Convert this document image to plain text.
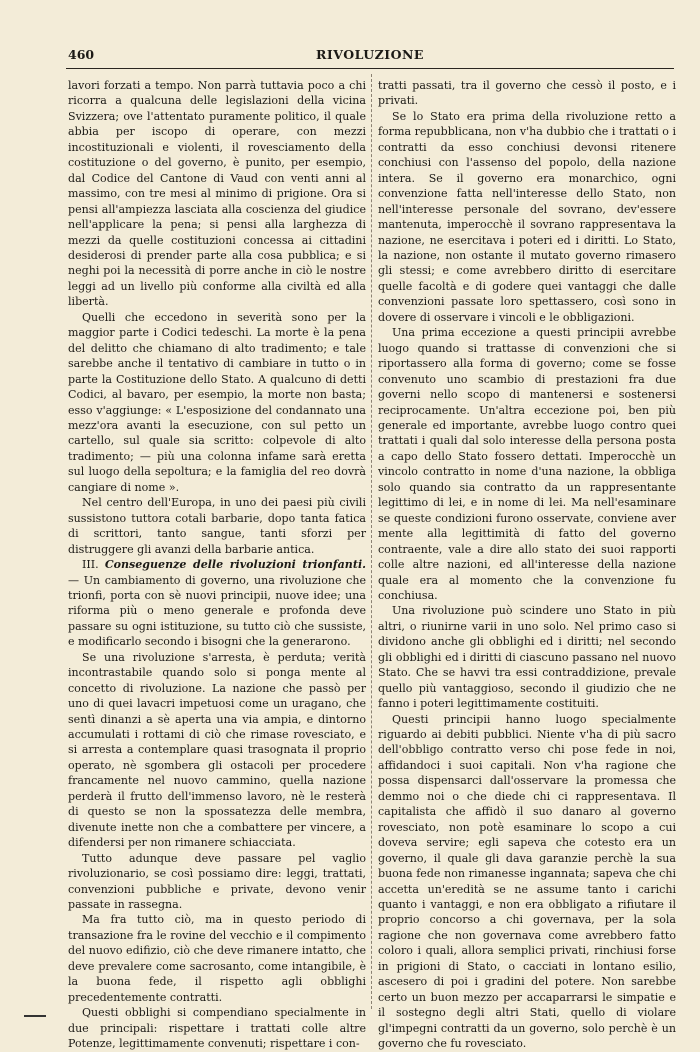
460	RIVOLUZIONE

lavori forzati a tempo. Non parrà tuttavia poco a chi ricorra a qualcuna delle legislazioni della vicina Svizzera; ove l'attentato puramente politico, il quale abbia per iscopo di operare, con mezzi incostituzionali e violenti, il rovesciamento della costituzione o del governo, è punito, per esempio, dal Codice del Cantone di Vaud con venti anni al massimo, con tre mesi al minimo di prigione. Ora si pensi all'ampiezza lasciata alla coscienza del giudice nell'applicare la pena; si pensi alla larghezza di mezzi da quelle costituzioni concessa ai cittadini desiderosi di prender parte alla cosa pubblica; e si neghi poi la necessità di porre anche in ciò le nostre leggi ad un livello più conforme alla civiltà ed alla libertà.

Quelli che eccedono in severità sono per la maggior parte i Codici tedeschi. La morte è la pena del delitto che chiamano di alto tradimento; e tale sarebbe anche il tentativo di cambiare in tutto o in parte la Costituzione dello Stato. A qualcuno di detti Codici, al bavaro, per esempio, la morte non basta; esso v'aggiunge: « L'esposizione del condannato una mezz'ora avanti la esecuzione, con sul petto un cartello, sul quale sia scritto: colpevole di alto tradimento; — più una colonna infame sarà eretta sul luogo della sepoltura; e la famiglia del reo dovrà cangiare di nome ».

Nel centro dell'Europa, in uno dei paesi più civili sussistono tuttora cotali barbarie, dopo tanta fatica di scrittori, tanto sangue, tanti sforzi per distruggere gli avanzi della barbarie antica.

III. Conseguenze delle rivoluzioni trionfanti. — Un cambiamento di governo, una rivoluzione che trionfi, porta con sè nuovi principii, nuove idee; una riforma più o meno generale e profonda deve passare su ogni istituzione, su tutto ciò che sussiste, e modificarlo secondo i bisogni che la generarono.

Se una rivoluzione s'arresta, è perduta; verità incontrastabile quando solo si ponga mente al concetto di rivoluzione. La nazione che passò per uno di quei lavacri impetuosi come un uragano, che sentì dinanzi a sè aperta una via ampia, e dintorno accumulati i rottami di ciò che rimase rovesciato, e si arresta a contemplare quasi trasognata il proprio operato, nè sgombera gli ostacoli per procedere francamente nel nuovo cammino, quella nazione perderà il frutto dell'immenso lavoro, nè le resterà di questo se non la spossatezza delle membra, divenute inette non che a combattere per vincere, a difendersi per non rimanere schiacciata.

Tutto adunque deve passare pel vaglio rivoluzionario, se così possiamo dire: leggi, trattati, convenzioni pubbliche e private, devono venir passate in rassegna.

Ma fra tutto ciò, ma in questo periodo di transazione fra le rovine del vecchio e il compimento del nuovo edifizio, ciò che deve rimanere intatto, che deve prevalere come sacrosanto, come intangibile, è la buona fede, il rispetto agli obblighi precedentemente contratti.

Questi obblighi si compendiano specialmente in due principali: rispettare i trattati colle altre Potenze, legittimamente convenuti; rispettare i con-

tratti passati, tra il governo che cessò il posto, e i privati.

Se lo Stato era prima della rivoluzione retto a forma repubblicana, non v'ha dubbio che i trattati o i contratti da esso conchiusi devonsi ritenere conchiusi con l'assenso del popolo, della nazione intera. Se il governo era monarchico, ogni convenzione fatta nell'interesse dello Stato, non nell'interesse personale del sovrano, dev'essere mantenuta, imperocchè il sovrano rappresentava la nazione, ne esercitava i poteri ed i diritti. Lo Stato, la nazione, non ostante il mutato governo rimasero gli stessi; e come avrebbero diritto di esercitare quelle facoltà e di godere quei vantaggi che dalle convenzioni passate loro spettassero, così sono in dovere di osservare i vincoli e le obbligazioni.

Una prima eccezione a questi principii avrebbe luogo quando si trattasse di convenzioni che si riportassero alla forma di governo; come se fosse convenuto uno scambio di prestazioni fra due governi nello scopo di mantenersi e sostenersi reciprocamente. Un'altra eccezione poi, ben più generale ed importante, avrebbe luogo contro quei trattati i quali dal solo interesse della persona posta a capo dello Stato fossero dettati. Imperocchè un vincolo contratto in nome d'una nazione, la obbliga solo quando sia contratto da un rappresentante legittimo di lei, e in nome di lei. Ma nell'esaminare se queste condizioni furono osservate, conviene aver mente alla legittimità di fatto del governo contraente, vale a dire allo stato dei suoi rapporti colle altre nazioni, ed all'interesse della nazione quale era al momento che la convenzione fu conchiusa.

Una rivoluzione può scindere uno Stato in più altri, o riunirne varii in uno solo. Nel primo caso si dividono anche gli obblighi ed i diritti; nel secondo gli obblighi ed i diritti di ciascuno passano nel nuovo Stato. Che se havvi tra essi contraddizione, prevale quello più vantaggioso, secondo il giudizio che ne fanno i poteri legittimamente costituiti.

Questi principii hanno luogo specialmente riguardo ai debiti pubblici. Niente v'ha di più sacro dell'obbligo contratto verso chi pose fede in noi, affidandoci i suoi capitali. Non v'ha ragione che possa dispensarci dall'osservare la promessa che demmo noi o che diede chi ci rappresentava. Il capitalista che affidò il suo danaro al governo rovesciato, non potè esaminare lo scopo a cui doveva servire; egli sapeva che cotesto era un governo, il quale gli dava garanzie perchè la sua buona fede non rimanesse ingannata; sapeva che chi accetta un'eredità se ne assume tanto i carichi quanto i vantaggi, e non era obbligato a rifiutare il proprio concorso a chi governava, per la sola ragione che non governava come avrebbero fatto coloro i quali, allora semplici privati, rinchiusi forse in prigioni di Stato, o cacciati in lontano esilio, ascesero di poi i gradini del potere. Non sarebbe certo un buon mezzo per accaparrarsi le simpatie e il sostegno degli altri Stati, quello di violare gl'impegni contratti da un governo, solo perchè è un governo che fu rovesciato.
